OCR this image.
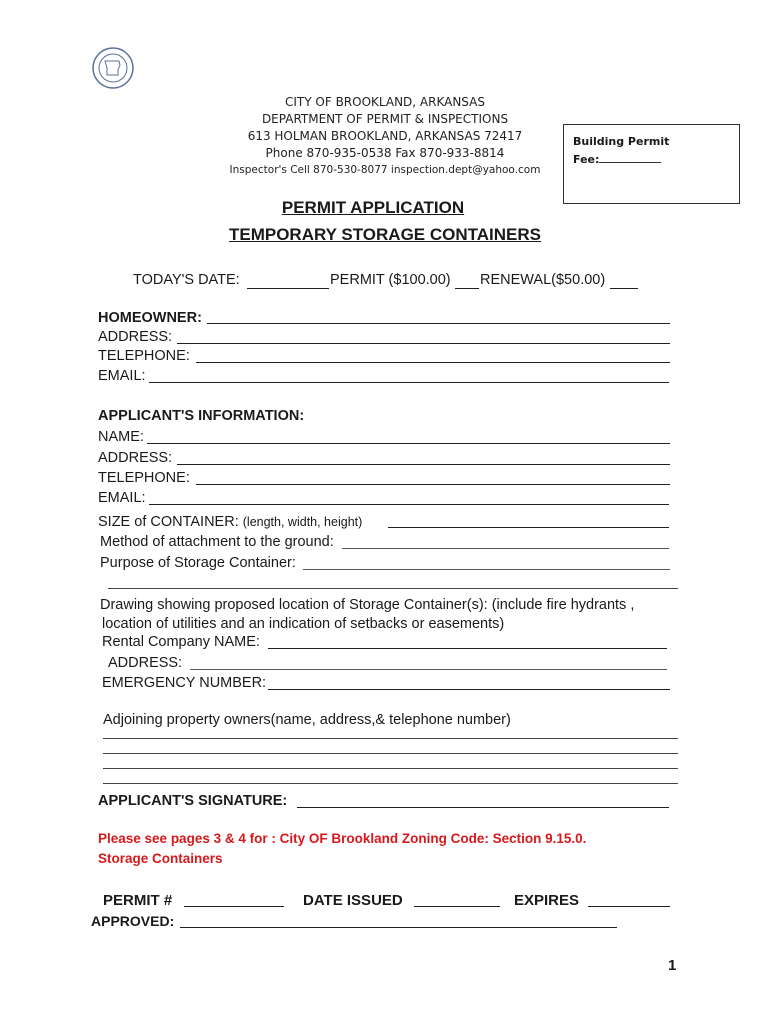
CITY OF BROOKLAND, ARKANSAS
DEPARTMENT OF PERMIT & INSPECTIONS
613 HOLMAN BROOKLAND, ARKANSAS 72417
Phone 870-935-0538 Fax 870-933-8814
Inspector's Cell 870-530-8077 inspection.dept@yahoo.com
Building Permit
Fee:
PERMIT APPLICATION
TEMPORARY STORAGE CONTAINERS
TODAY'S DATE:	PERMIT ($100.00) RENEWAL($50.00)
HOMEOWNER:
ADDRESS:
TELEPHONE:
EMAIL:
APPLICANT'S INFORMATION:
NAME:
ADDRESS:
TELEPHONE:
EMAIL:
SIZE of CONTAINER: (length, width, height)
Method of attachment to the ground:
Purpose of Storage Container:
Drawing showing proposed location of Storage Container(s): (include fire hydrants ,
location of utilities and an indication of setbacks or easements)
Rental Company NAME:
ADDRESS:
EMERGENCY NUMBER:
Adjoining property owners(name, address,& telephone number)
APPLICANT'S SIGNATURE:
Please see pages 3 & 4 for : City OF Brookland Zoning Code: Section 9.15.0.
Storage Containers
PERMIT #	DATE ISSUED	EXPIRES
APPROVED:
1
